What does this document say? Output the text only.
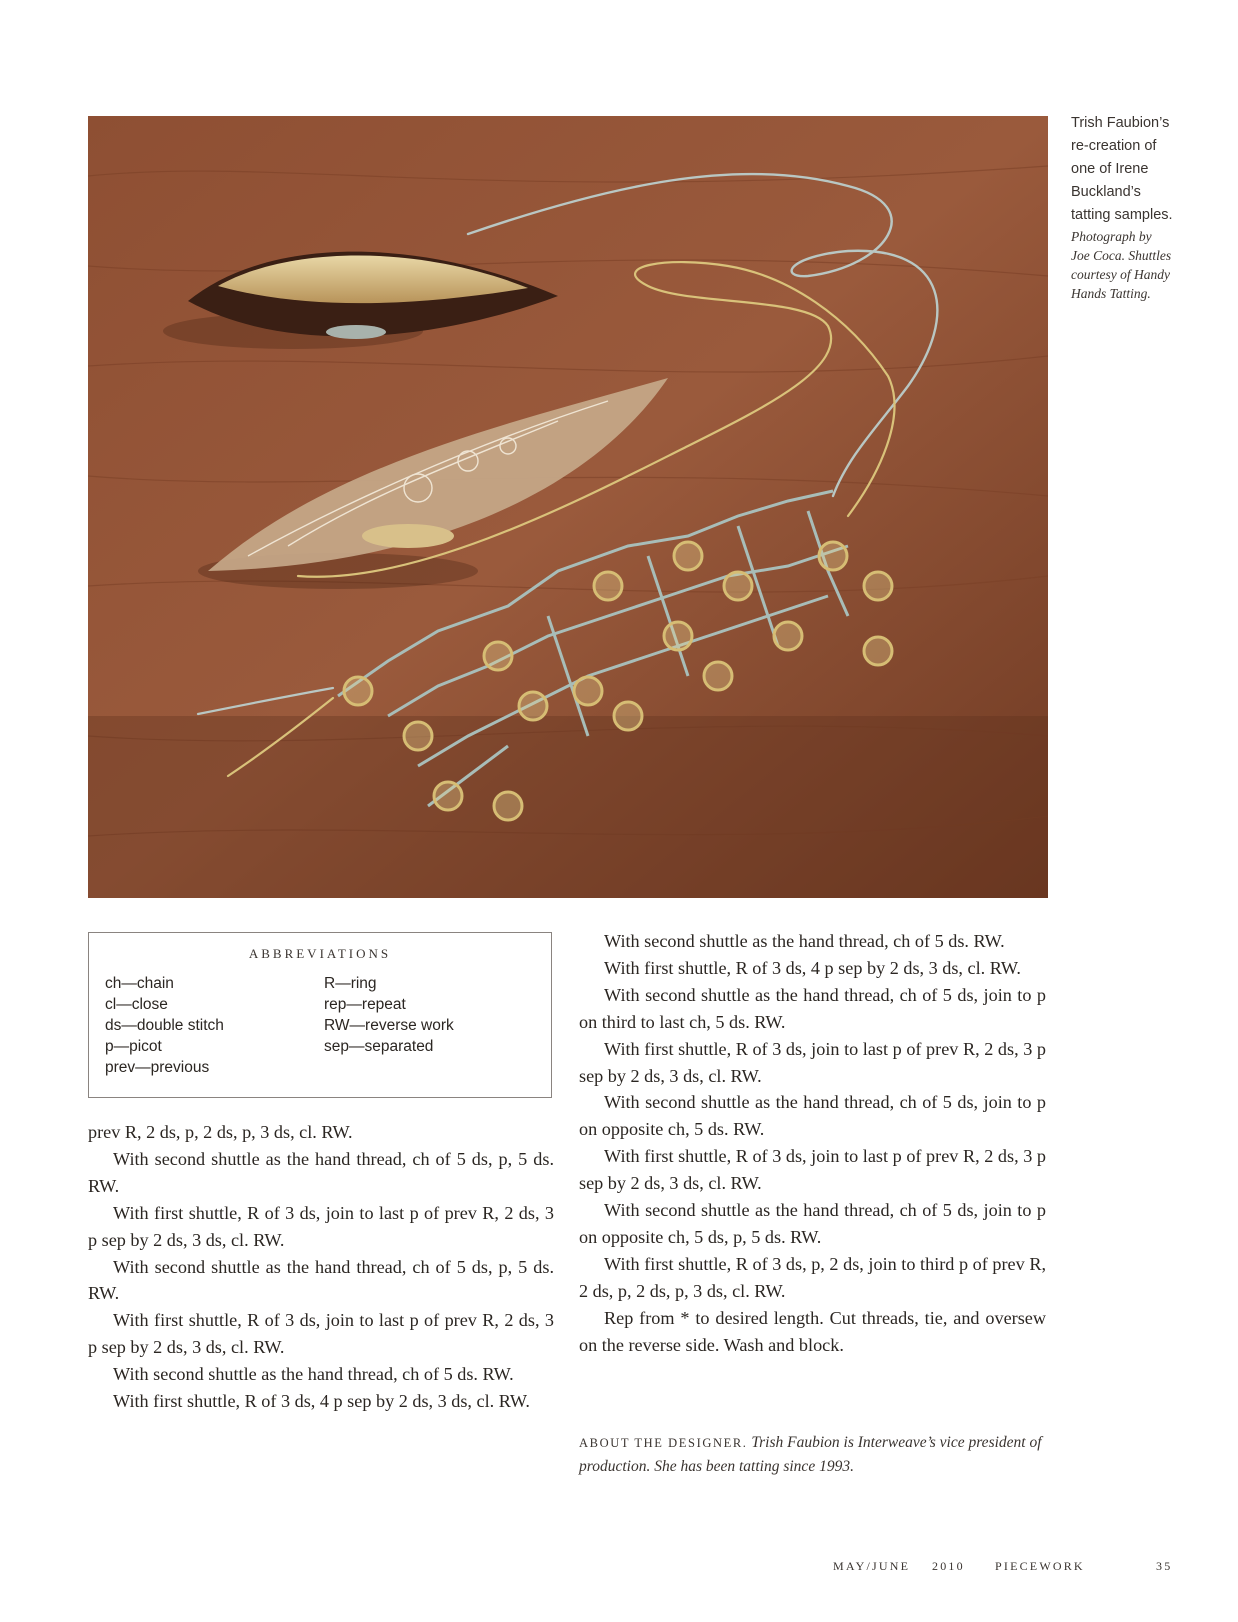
Trish Faubion’s
re-creation of
one of Irene
Buckland’s
tatting samples.

Photograph by
Joe Coca. Shuttles
courtesy of Handy
Hands Tatting.

ABBREVIATIONS
ch—chain
cl—close
ds—double stitch
p—picot
prev—previous
R—ring
rep—repeat
RW—reverse work
sep—separated

prev R, 2 ds, p, 2 ds, p, 3 ds, cl. RW.

With second shuttle as the hand thread, ch of 5 ds, p, 5 ds. RW.

With first shuttle, R of 3 ds, join to last p of prev R, 2 ds, 3 p sep by 2 ds, 3 ds, cl. RW.

With second shuttle as the hand thread, ch of 5 ds, p, 5 ds. RW.

With first shuttle, R of 3 ds, join to last p of prev R, 2 ds, 3 p sep by 2 ds, 3 ds, cl. RW.

With second shuttle as the hand thread, ch of 5 ds. RW.

With first shuttle, R of 3 ds, 4 p sep by 2 ds, 3 ds, cl. RW.

With second shuttle as the hand thread, ch of 5 ds. RW.

With first shuttle, R of 3 ds, 4 p sep by 2 ds, 3 ds, cl. RW.

With second shuttle as the hand thread, ch of 5 ds, join to p on third to last ch, 5 ds. RW.

With first shuttle, R of 3 ds, join to last p of prev R, 2 ds, 3 p sep by 2 ds, 3 ds, cl. RW.

With second shuttle as the hand thread, ch of 5 ds, join to p on opposite ch, 5 ds. RW.

With first shuttle, R of 3 ds, join to last p of prev R, 2 ds, 3 p sep by 2 ds, 3 ds, cl. RW.

With second shuttle as the hand thread, ch of 5 ds, join to p on opposite ch, 5 ds, p, 5 ds. RW.

With first shuttle, R of 3 ds, p, 2 ds, join to third p of prev R, 2 ds, p, 2 ds, p, 3 ds, cl. RW.

Rep from * to desired length. Cut threads, tie, and oversew on the reverse side. Wash and block.

ABOUT THE DESIGNER. Trish Faubion is Interweave’s vice president of production. She has been tatting since 1993.
MAY/JUNE 2010	PIECEWORK	35
